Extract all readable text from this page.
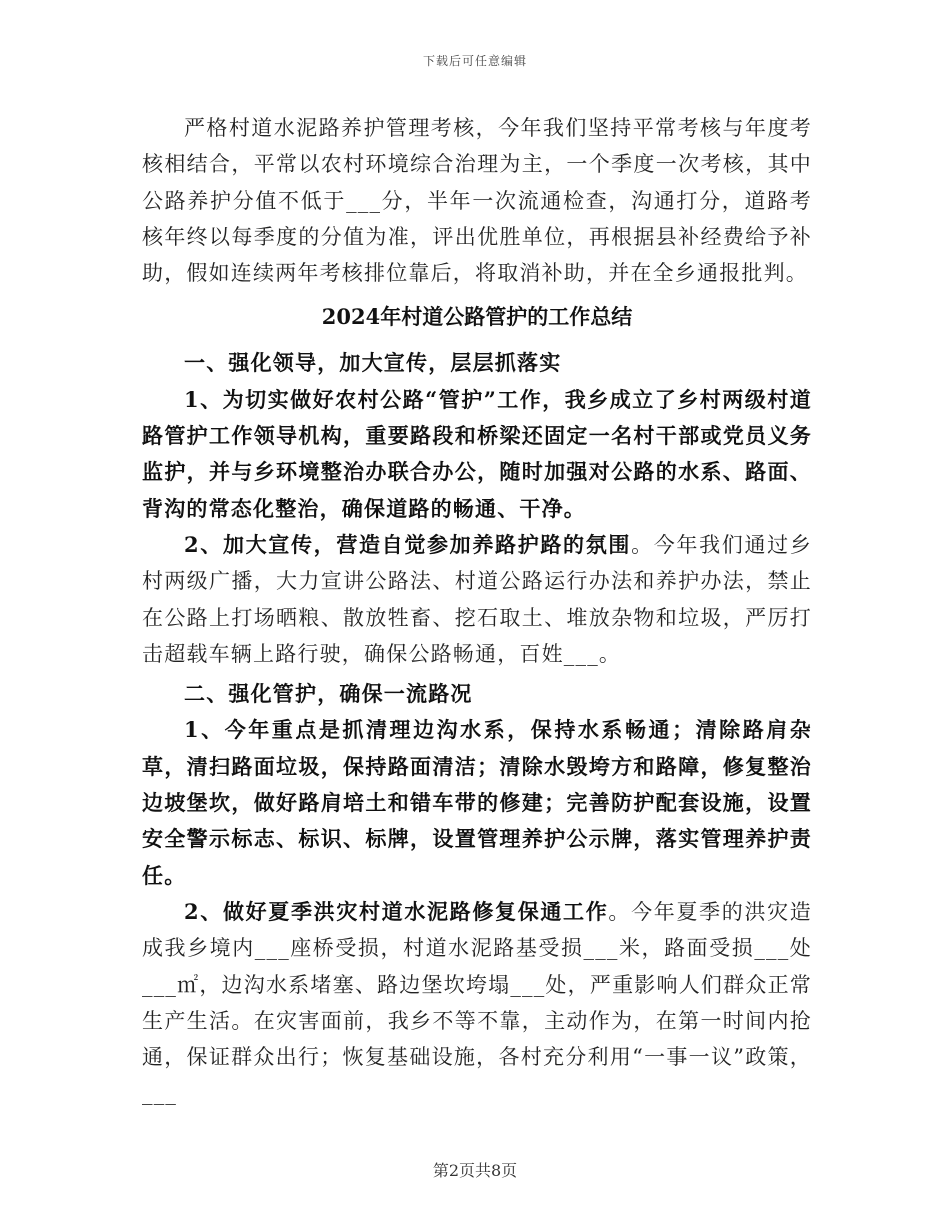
下载后可任意编辑

严格村道水泥路养护管理考核，今年我们坚持平常考核与年度考核相结合，平常以农村环境综合治理为主，一个季度一次考核，其中公路养护分值不低于___分，半年一次流通检查，沟通打分，道路考核年终以每季度的分值为准，评出优胜单位，再根据县补经费给予补助，假如连续两年考核排位靠后，将取消补助，并在全乡通报批判。

2024年村道公路管护的工作总结

一、强化领导，加大宣传，层层抓落实

1、为切实做好农村公路“管护”工作，我乡成立了乡村两级村道路管护工作领导机构，重要路段和桥梁还固定一名村干部或党员义务监护，并与乡环境整治办联合办公，随时加强对公路的水系、路面、背沟的常态化整治，确保道路的畅通、干净。

2、加大宣传，营造自觉参加养路护路的氛围。今年我们通过乡村两级广播，大力宣讲公路法、村道公路运行办法和养护办法，禁止在公路上打场晒粮、散放牲畜、挖石取土、堆放杂物和垃圾，严厉打击超载车辆上路行驶，确保公路畅通，百姓___。

二、强化管护，确保一流路况

1、今年重点是抓清理边沟水系，保持水系畅通；清除路肩杂草，清扫路面垃圾，保持路面清洁；清除水毁垮方和路障，修复整治边坡堡坎，做好路肩培土和错车带的修建；完善防护配套设施，设置安全警示标志、标识、标牌，设置管理养护公示牌，落实管理养护责任。

2、做好夏季洪灾村道水泥路修复保通工作。今年夏季的洪灾造成我乡境内___座桥受损，村道水泥路基受损___米，路面受损___处___㎡，边沟水系堵塞、路边堡坎垮塌___处，严重影响人们群众正常生产生活。在灾害面前，我乡不等不靠，主动作为，在第一时间内抢通，保证群众出行；恢复基础设施，各村充分利用“一事一议”政策，___

第2页共8页
